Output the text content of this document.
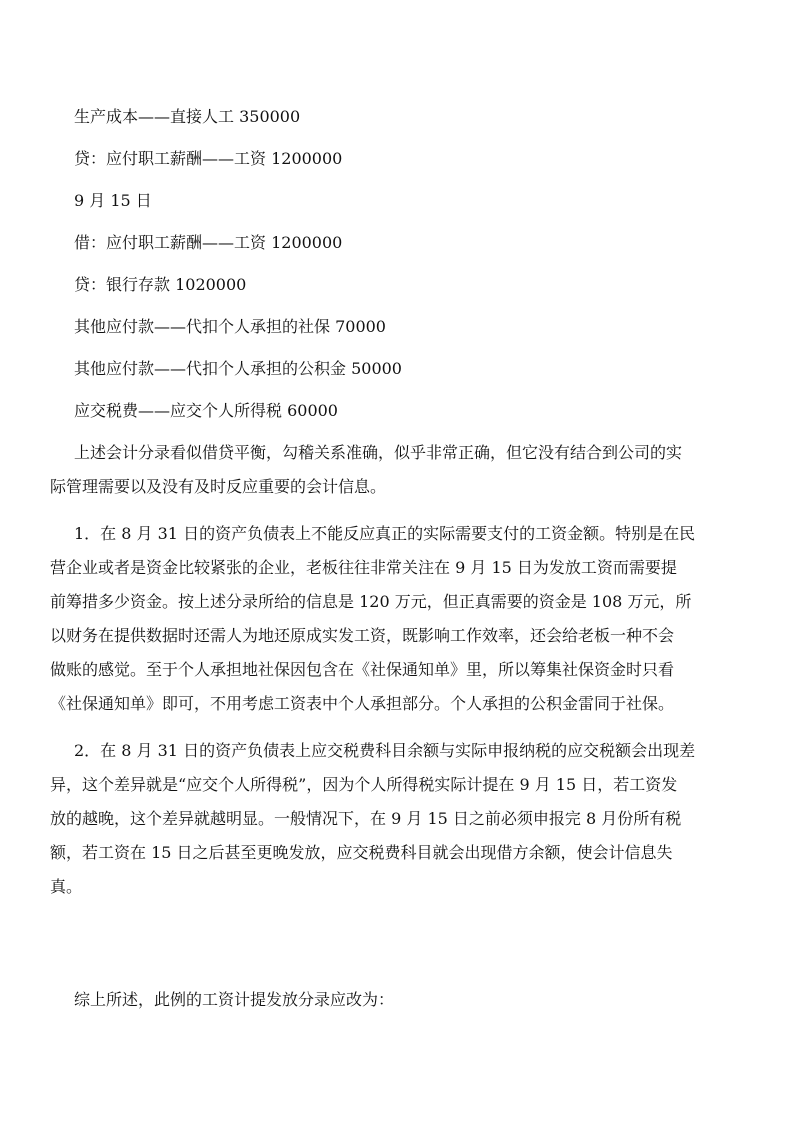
生产成本——直接人工 350000

贷：应付职工薪酬——工资 1200000

9 月 15 日

借：应付职工薪酬——工资 1200000

贷：银行存款 1020000

其他应付款——代扣个人承担的社保 70000

其他应付款——代扣个人承担的公积金 50000

应交税费——应交个人所得税 60000

上述会计分录看似借贷平衡，勾稽关系准确，似乎非常正确，但它没有结合到公司的实
际管理需要以及没有及时反应重要的会计信息。
1．在 8 月 31 日的资产负债表上不能反应真正的实际需要支付的工资金额。特别是在民
营企业或者是资金比较紧张的企业，老板往往非常关注在 9 月 15 日为发放工资而需要提
前筹措多少资金。按上述分录所给的信息是 120 万元，但正真需要的资金是 108 万元，所
以财务在提供数据时还需人为地还原成实发工资，既影响工作效率，还会给老板一种不会
做账的感觉。至于个人承担地社保因包含在《社保通知单》里，所以筹集社保资金时只看
《社保通知单》即可，不用考虑工资表中个人承担部分。个人承担的公积金雷同于社保。
2．在 8 月 31 日的资产负债表上应交税费科目余额与实际申报纳税的应交税额会出现差
异，这个差异就是“应交个人所得税”，因为个人所得税实际计提在 9 月 15 日，若工资发
放的越晚，这个差异就越明显。一般情况下，在 9 月 15 日之前必须申报完 8 月份所有税
额，若工资在 15 日之后甚至更晚发放，应交税费科目就会出现借方余额，使会计信息失
真。
综上所述，此例的工资计提发放分录应改为：
